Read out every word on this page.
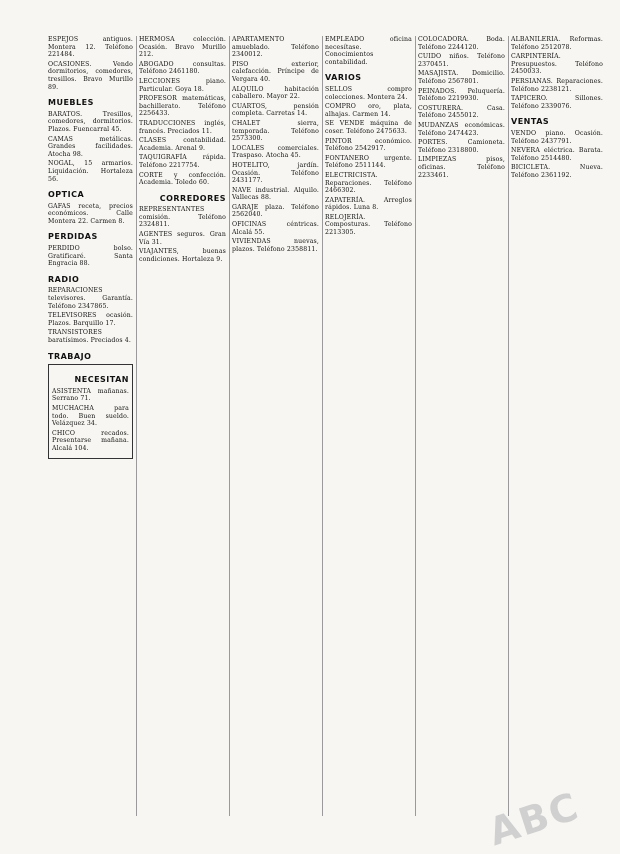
ESPEJOS antiguos. Montera 12. Teléfono 221484.

OCASIONES. Vendo dormitorios, comedores, tresillos. Bravo Murillo 89.

MUEBLES

BARATOS. Tresillos, comedores, dormitorios. Plazos. Fuencarral 45.

CAMAS metálicas. Grandes facilidades. Atocha 98.

NOGAL, 15 armarios. Liquidación. Hortaleza 56.

OPTICA

GAFAS receta, precios económicos. Calle Montera 22. Carmen 8.

PERDIDAS

PERDIDO bolso. Gratificaré. Santa Engracia 88.

RADIO

REPARACIONES televisores. Garantía. Teléfono 2347865.

TELEVISORES ocasión. Plazos. Barquillo 17.

TRANSISTORES baratísimos. Preciados 4.

TRABAJO
NECESITAN

ASISTENTA mañanas. Serrano 71.

MUCHACHA para todo. Buen sueldo. Velázquez 34.

CHICO recados. Presentarse mañana. Alcalá 104.

HERMOSA colección. Ocasión. Bravo Murillo 212.

ABOGADO consultas. Teléfono 2461180.

LECCIONES piano. Particular. Goya 18.

PROFESOR matemáticas, bachillerato. Teléfono 2256433.

TRADUCCIONES inglés, francés. Preciados 11.

CLASES contabilidad. Academia. Arenal 9.

TAQUIGRAFÍA rápida. Teléfono 2217754.

CORTE y confección. Academia. Toledo 60.

CORREDORES

REPRESENTANTES comisión. Teléfono 2324811.

AGENTES seguros. Gran Vía 31.

VIAJANTES, buenas condiciones. Hortaleza 9.

APARTAMENTO amueblado. Teléfono 2340012.

PISO exterior, calefacción. Príncipe de Vergara 40.

ALQUILO habitación caballero. Mayor 22.

CUARTOS, pensión completa. Carretas 14.

CHALET sierra, temporada. Teléfono 2573300.

LOCALES comerciales. Traspaso. Atocha 45.

HOTELITO, jardín. Ocasión. Teléfono 2431177.

NAVE industrial. Alquilo. Vallecas 88.

GARAJE plaza. Teléfono 2562040.

OFICINAS céntricas. Alcalá 55.

VIVIENDAS nuevas, plazos. Teléfono 2358811.

EMPLEADO oficina necesítase. Conocimientos contabilidad.

VARIOS

SELLOS compro colecciones. Montera 24.

COMPRO oro, plata, alhajas. Carmen 14.

SE VENDE máquina de coser. Teléfono 2475633.

PINTOR económico. Teléfono 2542917.

FONTANERO urgente. Teléfono 2511144.

ELECTRICISTA. Reparaciones. Teléfono 2466302.

ZAPATERÍA. Arreglos rápidos. Luna 8.

RELOJERÍA. Composturas. Teléfono 2213305.

COLOCADORA. Boda. Teléfono 2244120.

CUIDO niños. Teléfono 2370451.

MASAJISTA. Domicilio. Teléfono 2567801.

PEINADOS. Peluquería. Teléfono 2219930.

COSTURERA. Casa. Teléfono 2455012.

MUDANZAS económicas. Teléfono 2474423.

PORTES. Camioneta. Teléfono 2318800.

LIMPIEZAS pisos, oficinas. Teléfono 2233461.

ALBAÑILERÍA. Reformas. Teléfono 2512078.

CARPINTERÍA. Presupuestos. Teléfono 2450033.

PERSIANAS. Reparaciones. Teléfono 2238121.

TAPICERO. Sillones. Teléfono 2339076.

VENTAS

VENDO piano. Ocasión. Teléfono 2437791.

NEVERA eléctrica. Barata. Teléfono 2514480.

BICICLETA. Nueva. Teléfono 2361192.

ABC
